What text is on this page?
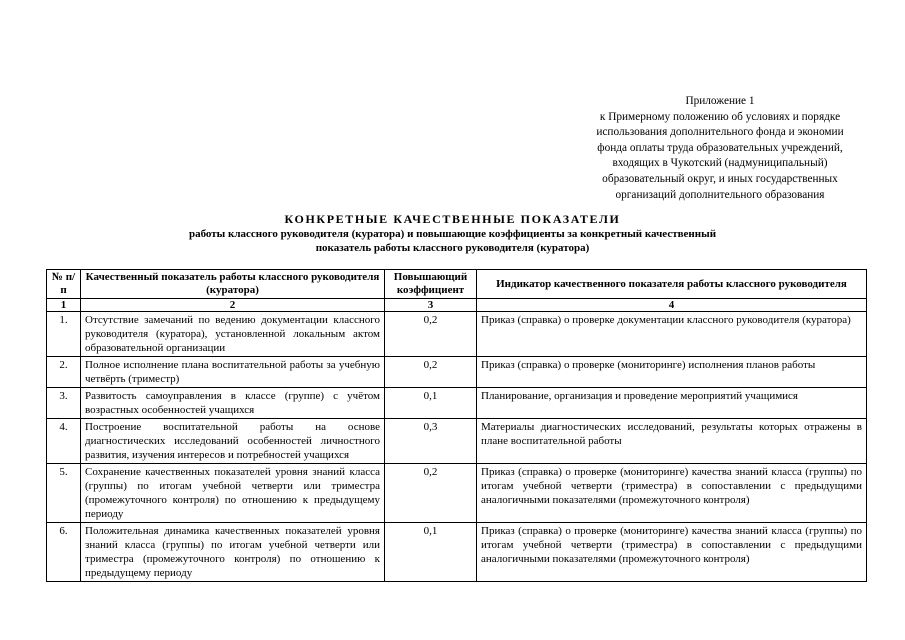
Приложение 1
к Примерному положению об условиях и порядке
использования дополнительного фонда и экономии
фонда оплаты труда образовательных учреждений,
входящих в Чукотский (надмуниципальный)
образовательный округ, и иных государственных
организаций дополнительного образования
КОНКРЕТНЫЕ КАЧЕСТВЕННЫЕ ПОКАЗАТЕЛИ
работы классного руководителя (куратора) и повышающие коэффициенты за конкретный качественный
показатель работы классного руководителя (куратора)
№ п/п	Качественный показатель работы классного руководителя (куратора)	Повышающий коэффициент	Индикатор качественного показателя работы классного руководителя
1	2	3	4
1.	Отсутствие замечаний по ведению документации классного руководителя (куратора), установленной локальным актом образовательной организации	0,2	Приказ (справка) о проверке документации классного руководителя (куратора)
2.	Полное исполнение плана воспитательной работы за учебную четвёрть (триместр)	0,2	Приказ (справка) о проверке (мониторинге) исполнения планов работы
3.	Развитость самоуправления в классе (группе) с учётом возрастных особенностей учащихся	0,1	Планирование, организация и проведение мероприятий учащимися
4.	Построение воспитательной работы на основе диагностических исследований особенностей личностного развития, изучения интересов и потребностей учащихся	0,3	Материалы диагностических исследований, результаты которых отражены в плане воспитательной работы
5.	Сохранение качественных показателей уровня знаний класса (группы) по итогам учебной четверти или триместра (промежуточного контроля) по отношению к предыдущему периоду	0,2	Приказ (справка) о проверке (мониторинге) качества знаний класса (группы) по итогам учебной четверти (триместра) в сопоставлении с предыдущими аналогичными показателями (промежуточного контроля)
6.	Положительная динамика качественных показателей уровня знаний класса (группы) по итогам учебной четверти или триместра (промежуточного контроля) по отношению к предыдущему периоду	0,1	Приказ (справка) о проверке (мониторинге) качества знаний класса (группы) по итогам учебной четверти (триместра) в сопоставлении с предыдущими аналогичными показателями (промежуточного контроля)
